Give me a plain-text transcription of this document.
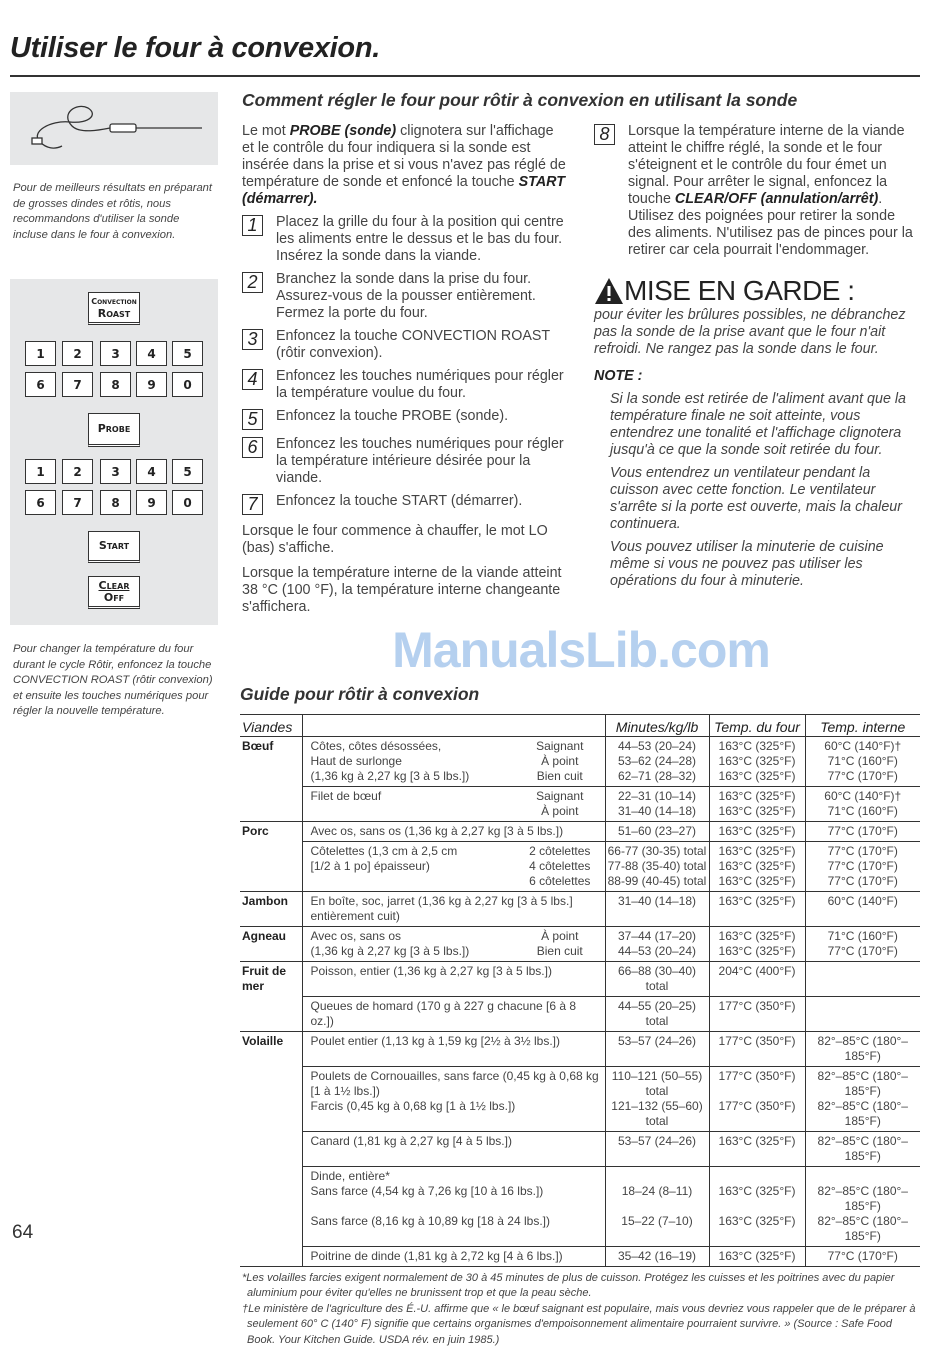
Utiliser le four à convexion.
Pour de meilleurs résultats en préparant de grosses dindes et rôtis, nous recommandons d'utiliser la sonde incluse dans le four à convexion.
Convection
Roast
Probe
Start
Clear
Off
1	2	3	4	5
6	7	8	9	0
1	2	3	4	5
6	7	8	9	0
Pour changer la température du four durant le cycle Rôtir, enfoncez la touche CONVECTION ROAST (rôtir convexion) et ensuite les touches numériques pour régler la nouvelle température.
Comment régler le four pour rôtir à convexion en utilisant la sonde
Le mot PROBE (sonde) clignotera sur l'affichage et le contrôle du four indiquera si la sonde est insérée dans la prise et si vous n'avez pas réglé de température de sonde et enfoncé la touche START (démarrer).
1	Placez la grille du four à la position qui centre les aliments entre le dessus et le bas du four. Insérez la sonde dans la viande.
2	Branchez la sonde dans la prise du four. Assurez-vous de la pousser entièrement. Fermez la porte du four.
3	Enfoncez la touche CONVECTION ROAST (rôtir convexion).
4	Enfoncez les touches numériques pour régler la température voulue du four.
5	Enfoncez la touche PROBE (sonde).
6	Enfoncez les touches numériques pour régler la température intérieure désirée pour la viande.
7	Enfoncez la touche START (démarrer).
Lorsque le four commence à chauffer, le mot LO (bas) s'affiche.
Lorsque la température interne de la viande atteint 38 °C (100 °F), la température interne changeante s'affichera.
8	Lorsque la température interne de la viande atteint le chiffre réglé, la sonde et le four s'éteignent et le contrôle du four émet un signal. Pour arrêter le signal, enfoncez la touche CLEAR/OFF (annulation/arrêt). Utilisez des poignées pour retirer la sonde des aliments. N'utilisez pas de pinces pour la retirer car cela pourrait l'endommager.
MISE EN GARDE :
pour éviter les brûlures possibles, ne débranchez pas la sonde de la prise avant que le four n'ait refroidi. Ne rangez pas la sonde dans le four.
NOTE :
Si la sonde est retirée de l'aliment avant que la température finale ne soit atteinte, vous entendrez une tonalité et l'affichage clignotera jusqu'à ce que la sonde soit retirée du four.
Vous entendrez un ventilateur pendant la cuisson avec cette fonction. Le ventilateur s'arrête si la porte est ouverte, mais la chaleur continuera.
Vous pouvez utiliser la minuterie de cuisine même si vous ne pouvez pas utiliser les opérations du four à minuterie.
ManualsLib.com
Guide pour rôtir à convexion
Viandes			Minutes/kg/lb	Temp. du four	Temp. interne
Bœuf	Côtes, côtes désossées,	Saignant	44–53 (20–24)	163°C (325°F)	60°C (140°F)†
	Haut de surlonge	À point	53–62 (24–28)	163°C (325°F)	71°C (160°F)
	(1,36 kg à 2,27 kg [3 à 5 lbs.])	Bien cuit	62–71 (28–32)	163°C (325°F)	77°C (170°F)
	Filet de bœuf	Saignant	22–31 (10–14)	163°C (325°F)	60°C (140°F)†
		À point	31–40 (14–18)	163°C (325°F)	71°C (160°F)
Porc	Avec os, sans os (1,36 kg à 2,27 kg [3 à 5 lbs.])		51–60 (23–27)	163°C (325°F)	77°C (170°F)
	Côtelettes (1,3 cm à 2,5 cm	2 côtelettes	66-77 (30-35) total	163°C (325°F)	77°C (170°F)
	[1/2 à 1 po] épaisseur)	4 côtelettes	77-88 (35-40) total	163°C (325°F)	77°C (170°F)
		6 côtelettes	88-99 (40-45) total	163°C (325°F)	77°C (170°F)
Jambon	En boîte, soc, jarret (1,36 kg à 2,27 kg [3 à 5 lbs.] entièrement cuit)		31–40 (14–18)	163°C (325°F)	60°C (140°F)
Agneau	Avec os, sans os	À point	37–44 (17–20)	163°C (325°F)	71°C (160°F)
	(1,36 kg à 2,27 kg [3 à 5 lbs.])	Bien cuit	44–53 (20–24)	163°C (325°F)	77°C (170°F)
Fruit de mer	Poisson, entier (1,36 kg à 2,27 kg [3 à 5 lbs.])		66–88 (30–40) total	204°C (400°F)	
	Queues de homard (170 g à 227 g chacune [6 à 8 oz.])		44–55 (20–25) total	177°C (350°F)	
Volaille	Poulet entier (1,13 kg à 1,59 kg [2½ à 3½ lbs.])		53–57 (24–26)	177°C (350°F)	82°–85°C (180°–185°F)
	Poulets de Cornouailles, sans farce (0,45 kg à 0,68 kg [1 à 1½ lbs.])		110–121 (50–55) total	177°C (350°F)	82°–85°C (180°–185°F)
	Farcis (0,45 kg à 0,68 kg [1 à 1½ lbs.])		121–132 (55–60) total	177°C (350°F)	82°–85°C (180°–185°F)
	Canard (1,81 kg à 2,27 kg [4 à 5 lbs.])		53–57 (24–26)	163°C (325°F)	82°–85°C (180°–185°F)
	Dinde, entière*				
	Sans farce (4,54 kg à 7,26 kg [10 à 16 lbs.])		18–24 (8–11)	163°C (325°F)	82°–85°C (180°–185°F)
	Sans farce (8,16 kg à 10,89 kg [18 à 24 lbs.])		15–22 (7–10)	163°C (325°F)	82°–85°C (180°–185°F)
	Poitrine de dinde (1,81 kg à 2,72 kg [4 à 6 lbs.])		35–42 (16–19)	163°C (325°F)	77°C (170°F)
*Les volailles farcies exigent normalement de 30 à 45 minutes de plus de cuisson. Protégez les cuisses et les poitrines avec du papier aluminium pour éviter qu'elles ne brunissent trop et que la peau sèche.
†Le ministère de l'agriculture des É.-U. affirme que « le bœuf saignant est populaire, mais vous devriez vous rappeler que de le préparer à seulement 60° C (140° F) signifie que certains organismes d'empoisonnement alimentaire pourraient survivre. » (Source : Safe Food Book. Your Kitchen Guide. USDA rév. en juin 1985.)
64
